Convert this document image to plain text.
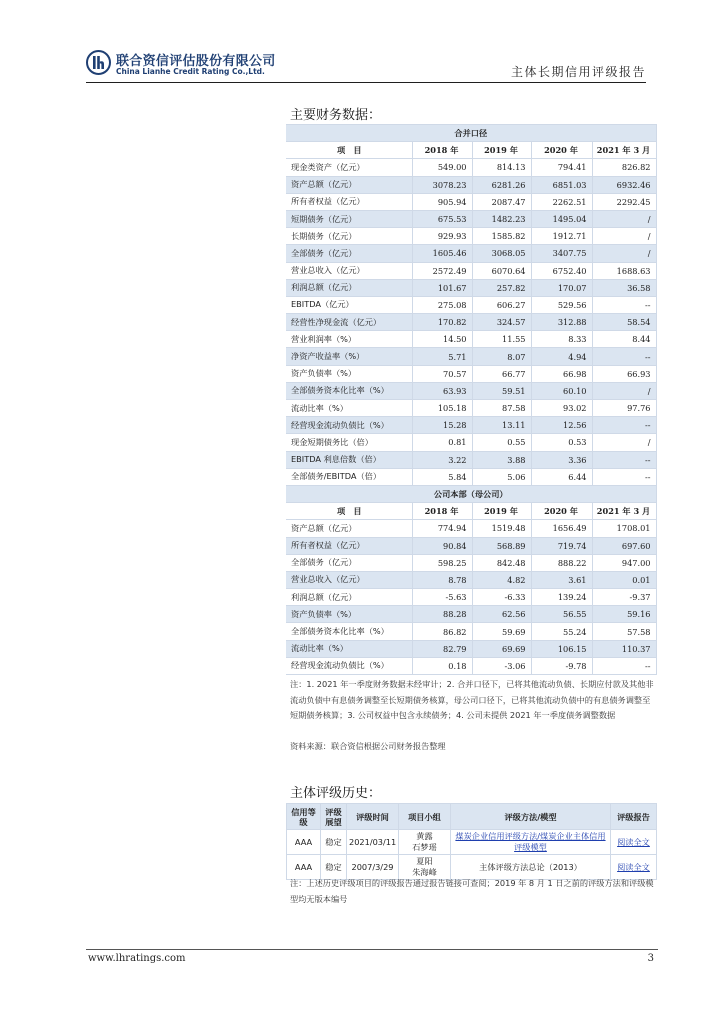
联合资信评估股份有限公司
China Lianhe Credit Rating Co.,Ltd.	主体长期信用评级报告
主要财务数据：
合并口径				
项　目	2018 年	2019 年	2020 年	2021 年 3 月
现金类资产（亿元）	549.00	814.13	794.41	826.82
资产总额（亿元）	3078.23	6281.26	6851.03	6932.46
所有者权益（亿元）	905.94	2087.47	2262.51	2292.45
短期债务（亿元）	675.53	1482.23	1495.04	/
长期债务（亿元）	929.93	1585.82	1912.71	/
全部债务（亿元）	1605.46	3068.05	3407.75	/
营业总收入（亿元）	2572.49	6070.64	6752.40	1688.63
利润总额（亿元）	101.67	257.82	170.07	36.58
EBITDA（亿元）	275.08	606.27	529.56	--
经营性净现金流（亿元）	170.82	324.57	312.88	58.54
营业利润率（%）	14.50	11.55	8.33	8.44
净资产收益率（%）	5.71	8.07	4.94	--
资产负债率（%）	70.57	66.77	66.98	66.93
全部债务资本化比率（%）	63.93	59.51	60.10	/
流动比率（%）	105.18	87.58	93.02	97.76
经营现金流动负债比（%）	15.28	13.11	12.56	--
现金短期债务比（倍）	0.81	0.55	0.53	/
EBITDA 利息倍数（倍）	3.22	3.88	3.36	--
全部债务/EBITDA（倍）	5.84	5.06	6.44	--
公司本部（母公司）				
项　目	2018 年	2019 年	2020 年	2021 年 3 月
资产总额（亿元）	774.94	1519.48	1656.49	1708.01
所有者权益（亿元）	90.84	568.89	719.74	697.60
全部债务（亿元）	598.25	842.48	888.22	947.00
营业总收入（亿元）	8.78	4.82	3.61	0.01
利润总额（亿元）	-5.63	-6.33	139.24	-9.37
资产负债率（%）	88.28	62.56	56.55	59.16
全部债务资本化比率（%）	86.82	59.69	55.24	57.58
流动比率（%）	82.79	69.69	106.15	110.37
经营现金流动负债比（%）	0.18	-3.06	-9.78	--
注：1. 2021 年一季度财务数据未经审计；2. 合并口径下，已将其他流动负债、长期应付款及其他非流动负债中有息债务调整至长短期债务核算，母公司口径下，已将其他流动负债中的有息债务调整至短期债务核算；3. 公司权益中包含永续债务；4. 公司未提供 2021 年一季度债务调整数据
资料来源：联合资信根据公司财务报告整理
主体评级历史：
信用等级	评级展望	评级时间	项目小组	评级方法/模型	评级报告
AAA	稳定	2021/03/11	黄露
石梦瑶	煤炭企业信用评级方法/煤炭企业主体信用评级模型	阅读全文
AAA	稳定	2007/3/29	夏阳
朱海峰	主体评级方法总论（2013）	阅读全文
注：上述历史评级项目的评级报告通过报告链接可查阅；2019 年 8 月 1 日之前的评级方法和评级模型均无版本编号
www.lhratings.com	3
